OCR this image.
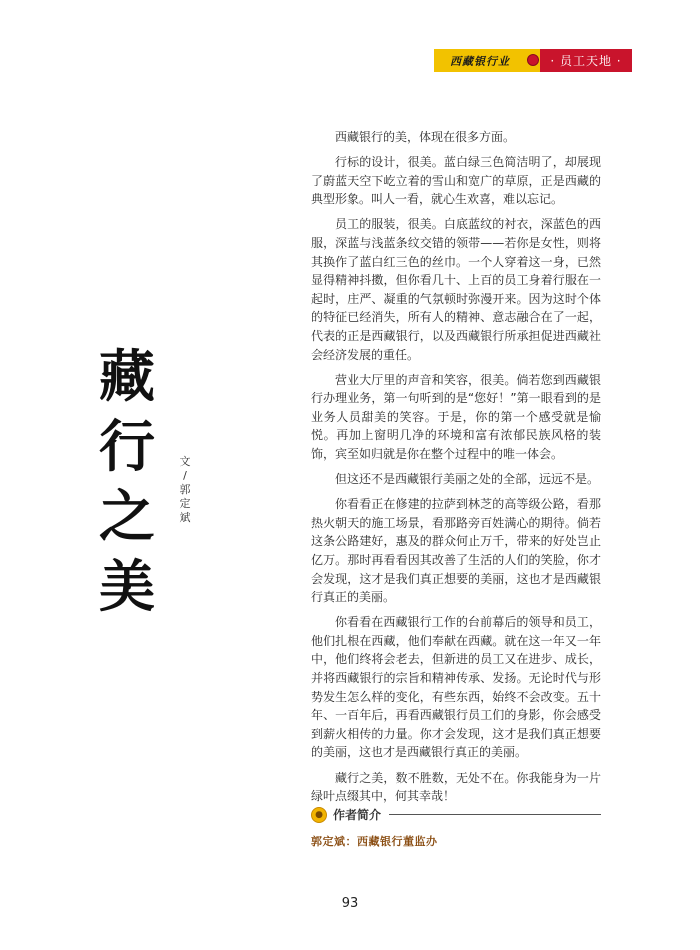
西藏银行业	· 员工天地 ·
藏
行
之
美
文
/
郭
定
斌

西藏银行的美，体现在很多方面。

行标的设计，很美。蓝白绿三色简洁明了，却展现了蔚蓝天空下屹立着的雪山和宽广的草原，正是西藏的典型形象。叫人一看，就心生欢喜，难以忘记。

员工的服装，很美。白底蓝纹的衬衣，深蓝色的西服，深蓝与浅蓝条纹交错的领带——若你是女性，则将其换作了蓝白红三色的丝巾。一个人穿着这一身，已然显得精神抖擞，但你看几十、上百的员工身着行服在一起时，庄严、凝重的气氛顿时弥漫开来。因为这时个体的特征已经消失，所有人的精神、意志融合在了一起，代表的正是西藏银行，以及西藏银行所承担促进西藏社会经济发展的重任。

营业大厅里的声音和笑容，很美。倘若您到西藏银行办理业务，第一句听到的是“您好！”第一眼看到的是业务人员甜美的笑容。于是，你的第一个感受就是愉悦。再加上窗明几净的环境和富有浓郁民族风格的装饰，宾至如归就是你在整个过程中的唯一体会。

但这还不是西藏银行美丽之处的全部，远远不是。

你看看正在修建的拉萨到林芝的高等级公路，看那热火朝天的施工场景，看那路旁百姓满心的期待。倘若这条公路建好，惠及的群众何止万千，带来的好处岂止亿万。那时再看看因其改善了生活的人们的笑脸，你才会发现，这才是我们真正想要的美丽，这也才是西藏银行真正的美丽。

你看看在西藏银行工作的台前幕后的领导和员工，他们扎根在西藏，他们奉献在西藏。就在这一年又一年中，他们终将会老去，但新进的员工又在进步、成长，并将西藏银行的宗旨和精神传承、发扬。无论时代与形势发生怎么样的变化，有些东西，始终不会改变。五十年、一百年后，再看西藏银行员工们的身影，你会感受到薪火相传的力量。你才会发现，这才是我们真正想要的美丽，这也才是西藏银行真正的美丽。

藏行之美，数不胜数，无处不在。你我能身为一片绿叶点缀其中，何其幸哉！

● 作者简介
郭定斌：西藏银行董监办
93
